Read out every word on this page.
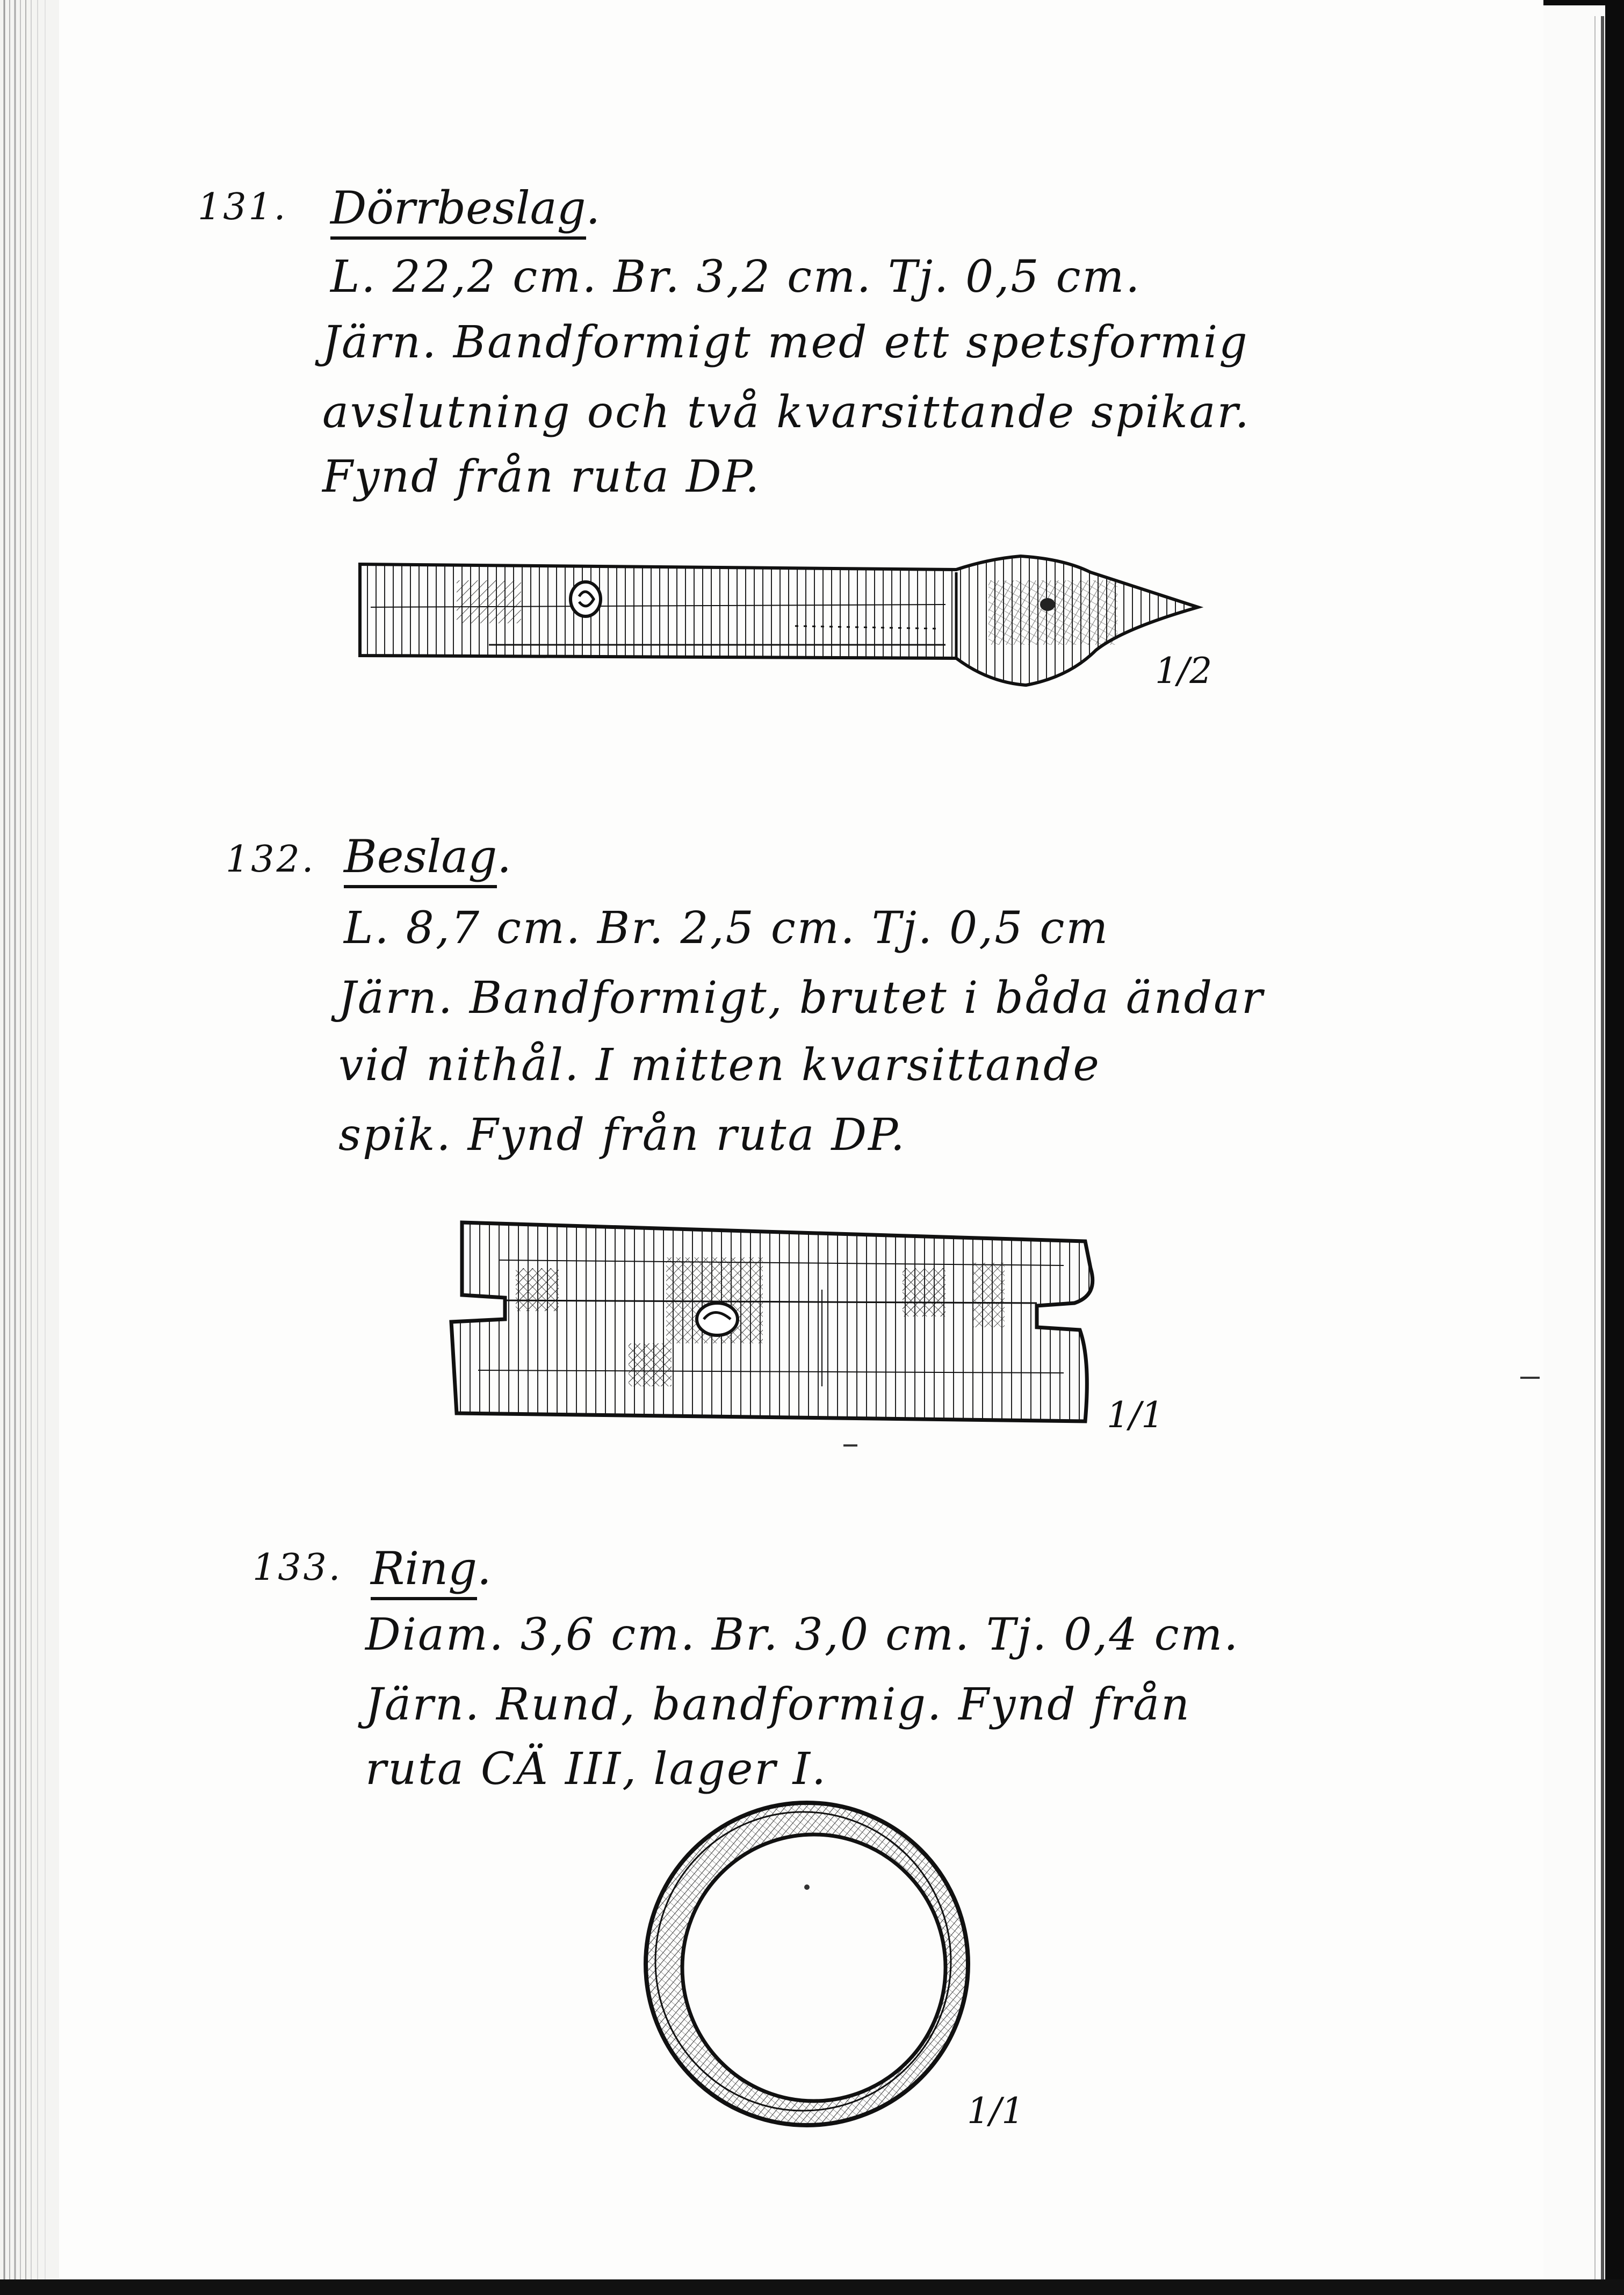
131. Dörrbeslag.
L. 22,2 cm. Br. 3,2 cm. Tj. 0,5 cm.
Järn. Bandformigt med ett spetsformig
avslutning och två kvarsittande spikar.
Fynd från ruta DP.
1/2
132. Beslag.
L. 8,7 cm. Br. 2,5 cm. Tj. 0,5 cm
Järn. Bandformigt, brutet i båda ändar
vid nithål. I mitten kvarsittande
spik. Fynd från ruta DP.
1/1
133. Ring.
Diam. 3,6 cm. Br. 3,0 cm. Tj. 0,4 cm.
Järn. Rund, bandformig. Fynd från
ruta CÄ III, lager I.
1/1
